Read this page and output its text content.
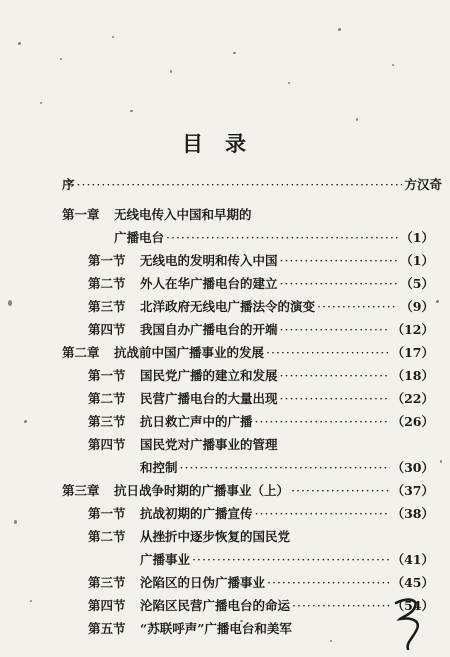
目录
序 ·····	方汉奇
第一章	无线电传入中国和早期的
广播电台 ·····	（1）
第一节	无线电的发明和传入中国 ·····	（1）
第二节	外人在华广播电台的建立 ·····	（5）
第三节	北洋政府无线电广播法令的演变 ·····	（9）
第四节	我国自办广播电台的开端 ·····	（12）
第二章	抗战前中国广播事业的发展 ·····	（17）
第一节	国民党广播的建立和发展 ·····	（18）
第二节	民营广播电台的大量出现 ·····	（22）
第三节	抗日救亡声中的广播 ·····	（26）
第四节	国民党对广播事业的管理
和控制 ·····	（30）
第三章	抗日战争时期的广播事业（上） ·····	（37）
第一节	抗战初期的广播宣传 ·····	（38）
第二节	从挫折中逐步恢复的国民党
广播事业 ·····	（41）
第三节	沦陷区的日伪广播事业 ·····	（45）
第四节	沦陷区民营广播电台的命运 ·····	（54）
第五节	“苏联呼声”广播电台和美军
